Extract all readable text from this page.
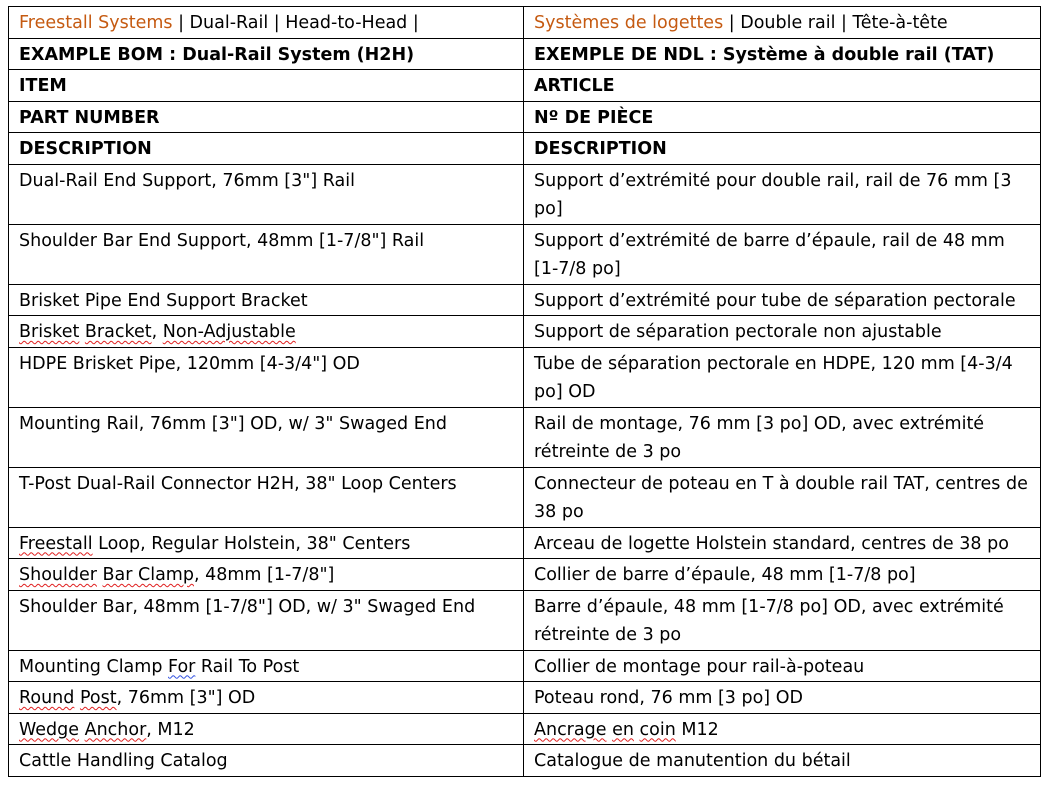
Freestall Systems | Dual-Rail | Head-to-Head |	Systèmes de logettes | Double rail | Tête-à-tête
EXAMPLE BOM : Dual-Rail System (H2H)	EXEMPLE DE NDL : Système à double rail (TAT)
ITEM	ARTICLE
PART NUMBER	Nº DE PIÈCE
DESCRIPTION	DESCRIPTION
Dual-Rail End Support, 76mm [3"] Rail	Support d’extrémité pour double rail, rail de 76 mm [3 po]
Shoulder Bar End Support, 48mm [1-7/8"] Rail	Support d’extrémité de barre d’épaule, rail de 48 mm [1-7/8 po]
Brisket Pipe End Support Bracket	Support d’extrémité pour tube de séparation pectorale
Brisket Bracket, Non-Adjustable	Support de séparation pectorale non ajustable
HDPE Brisket Pipe, 120mm [4-3/4"] OD	Tube de séparation pectorale en HDPE, 120 mm [4-3/4 po] OD
Mounting Rail, 76mm [3"] OD, w/ 3" Swaged End	Rail de montage, 76 mm [3 po] OD, avec extrémité rétreinte de 3 po
T-Post Dual-Rail Connector H2H, 38" Loop Centers	Connecteur de poteau en T à double rail TAT, centres de 38 po
Freestall Loop, Regular Holstein, 38" Centers	Arceau de logette Holstein standard, centres de 38 po
Shoulder Bar Clamp, 48mm [1-7/8"]	Collier de barre d’épaule, 48 mm [1-7/8 po]
Shoulder Bar, 48mm [1-7/8"] OD, w/ 3" Swaged End	Barre d’épaule, 48 mm [1-7/8 po] OD, avec extrémité rétreinte de 3 po
Mounting Clamp For Rail To Post	Collier de montage pour rail-à-poteau
Round Post, 76mm [3"] OD	Poteau rond, 76 mm [3 po] OD
Wedge Anchor, M12	Ancrage en coin M12
Cattle Handling Catalog	Catalogue de manutention du bétail
